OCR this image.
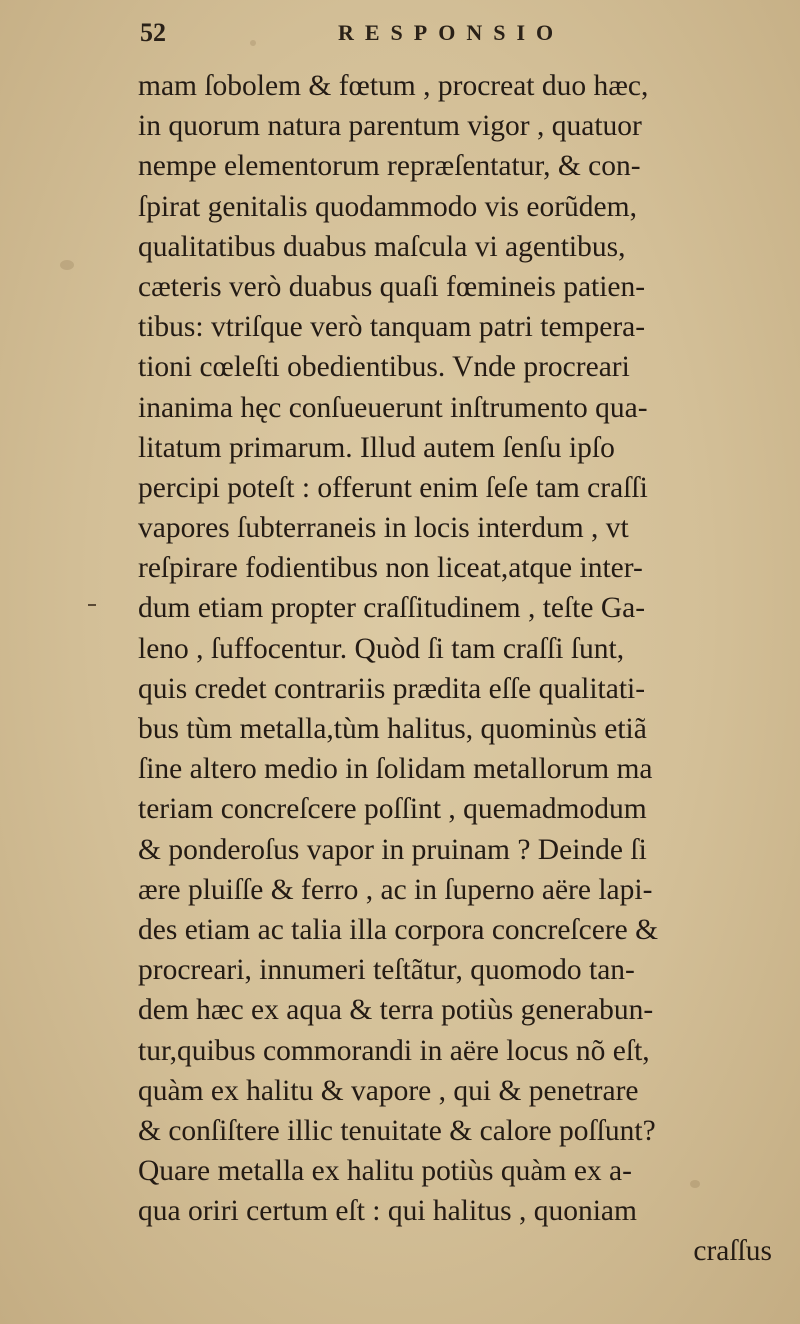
52	RESPONSIO
mam ſobolem & fœtum , procreat duo hæc,
in quorum natura parentum vigor , quatuor
nempe elementorum repræſentatur, & con-
ſpirat genitalis quodammodo vis eorũdem,
qualitatibus duabus maſcula vi agentibus,
cæteris verò duabus quaſi fœmineis patien-
tibus: vtriſque verò tanquam patri tempera-
tioni cœleſti obedientibus. Vnde procreari
inanima hęc conſueuerunt inſtrumento qua-
litatum primarum. Illud autem ſenſu ipſo
percipi poteſt : offerunt enim ſeſe tam craſſi
vapores ſubterraneis in locis interdum , vt
reſpirare fodientibus non liceat,atque inter-
dum etiam propter craſſitudinem , teſte Ga-
leno , ſuffocentur. Quòd ſi tam craſſi ſunt,
quis credet contrariis prædita eſſe qualitati-
bus tùm metalla,tùm halitus, quominùs etiã
ſine altero medio in ſolidam metallorum ma
teriam concreſcere poſſint , quemadmodum
& ponderoſus vapor in pruinam ? Deinde ſi
ære pluiſſe & ferro , ac in ſuperno aëre lapi-
des etiam ac talia illa corpora concreſcere &
procreari, innumeri teſtãtur, quomodo tan-
dem hæc ex aqua & terra potiùs generabun-
tur,quibus commorandi in aëre locus nõ eſt,
quàm ex halitu & vapore , qui & penetrare
& conſiſtere illic tenuitate & calore poſſunt?
Quare metalla ex halitu potiùs quàm ex a-
qua oriri certum eſt : qui halitus , quoniam
craſſus
